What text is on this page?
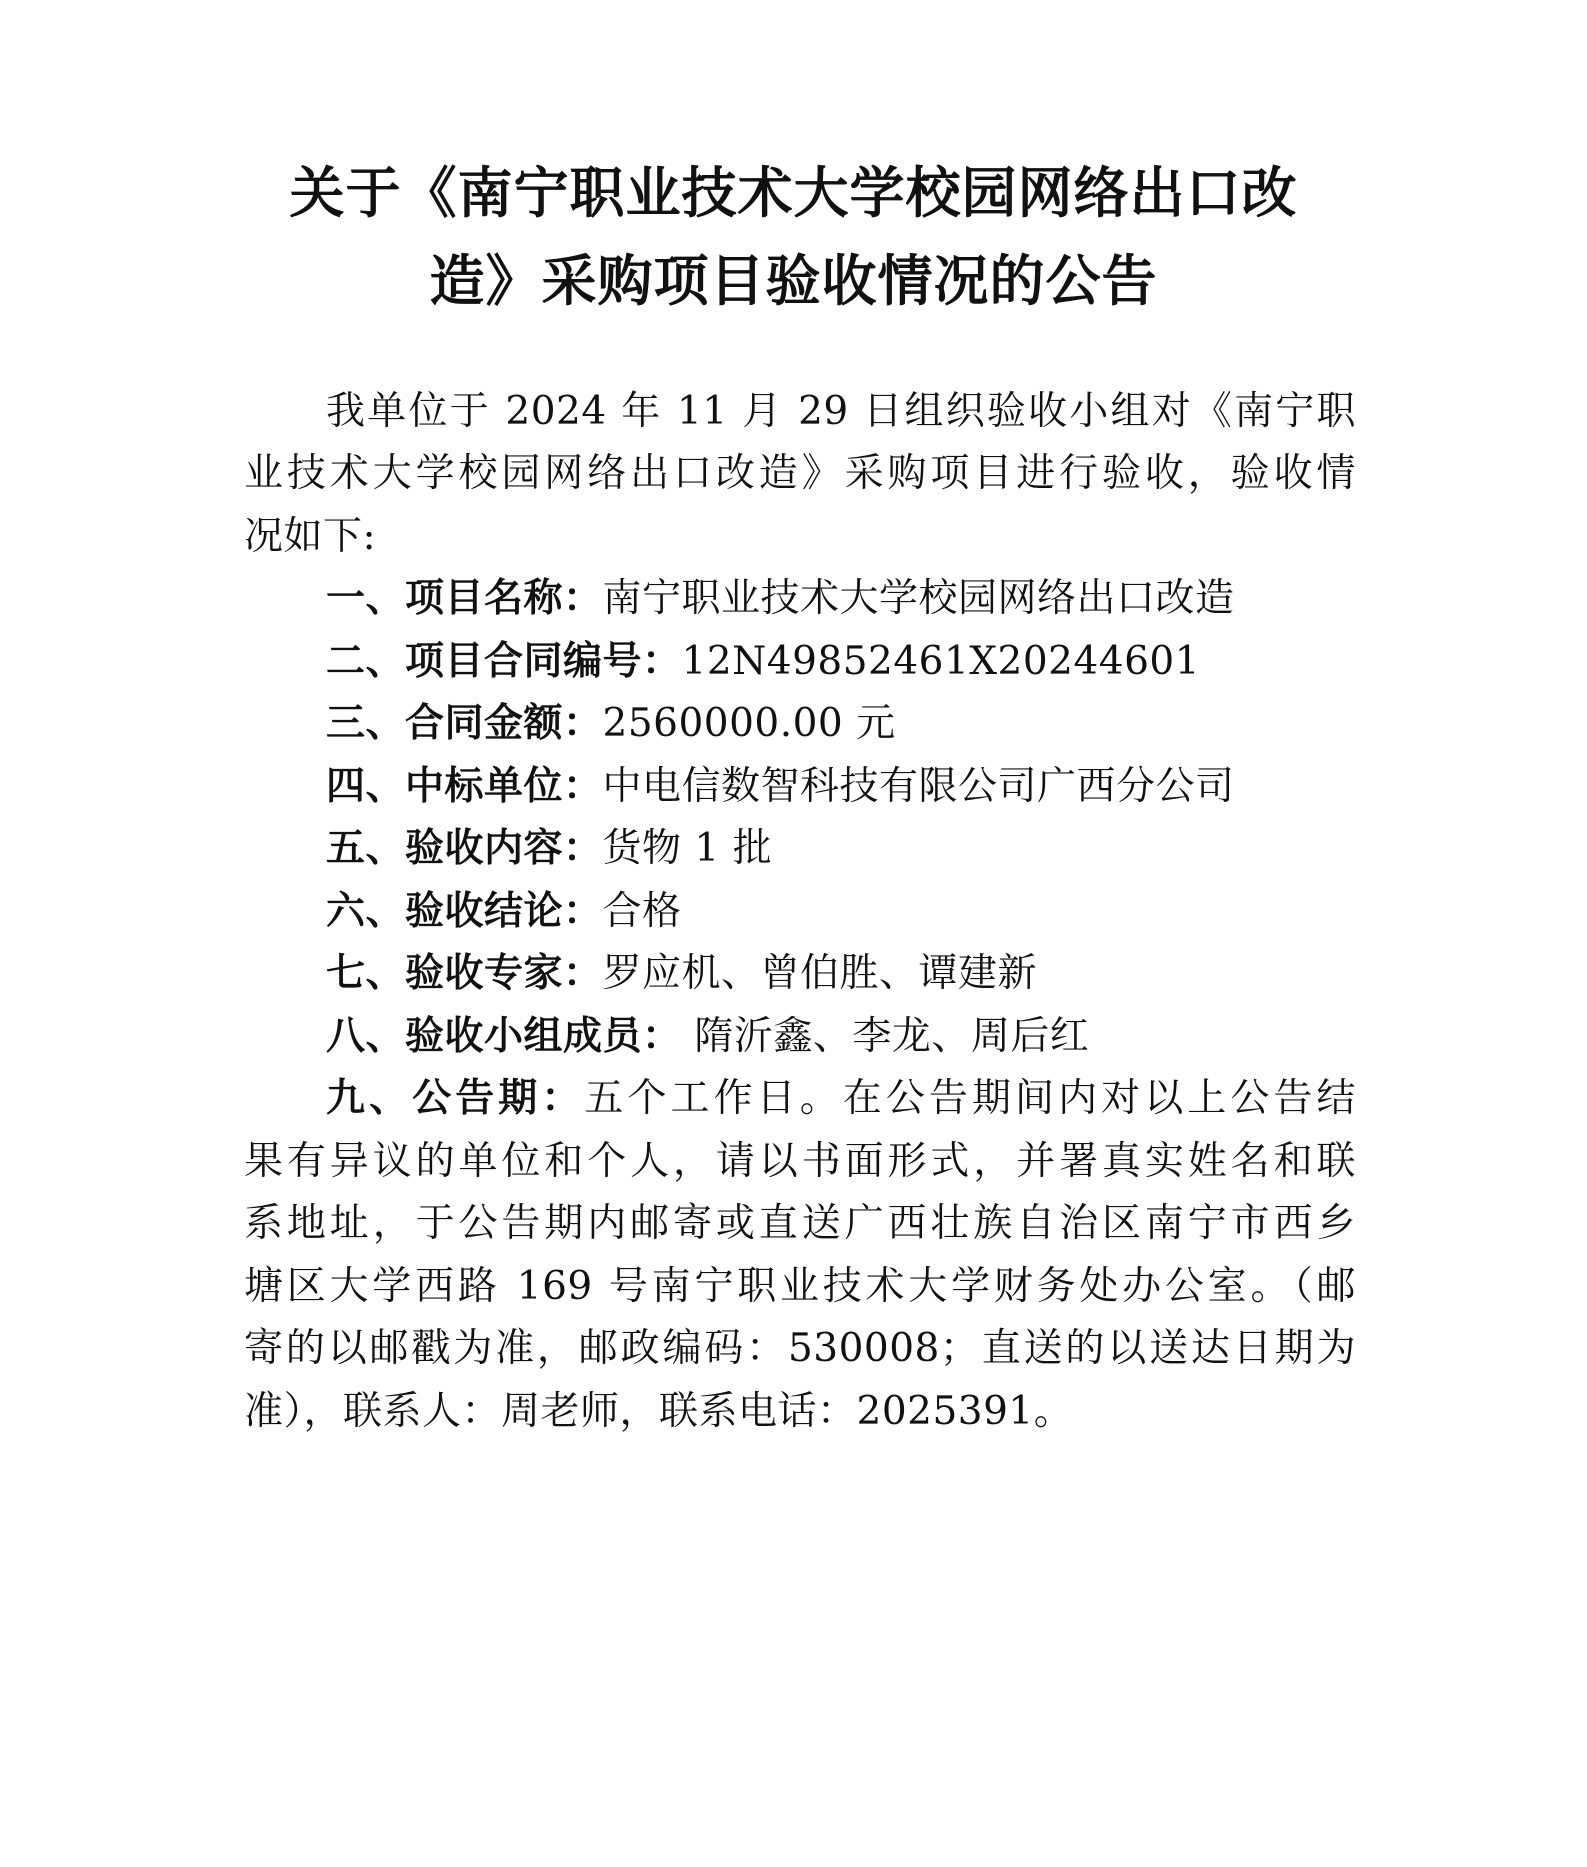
关于《南宁职业技术大学校园网络出口改
造》采购项目验收情况的公告
我单位于 2024 年 11 月 29 日组织验收小组对《南宁职
业技术大学校园网络出口改造》采购项目进行验收，验收情
况如下:
一、项目名称：南宁职业技术大学校园网络出口改造
二、项目合同编号：12N49852461X20244601
三、合同金额：2560000.00 元
四、中标单位：中电信数智科技有限公司广西分公司
五、验收内容：货物 1 批
六、验收结论：合格
七、验收专家：罗应机、曾伯胜、谭建新
八、验收小组成员： 隋沂鑫、李龙、周后红
九、公告期：五个工作日。在公告期间内对以上公告结
果有异议的单位和个人，请以书面形式，并署真实姓名和联
系地址，于公告期内邮寄或直送广西壮族自治区南宁市西乡
塘区大学西路 169 号南宁职业技术大学财务处办公室。（邮
寄的以邮戳为准，邮政编码：530008；直送的以送达日期为
准），联系人：周老师，联系电话：2025391。
